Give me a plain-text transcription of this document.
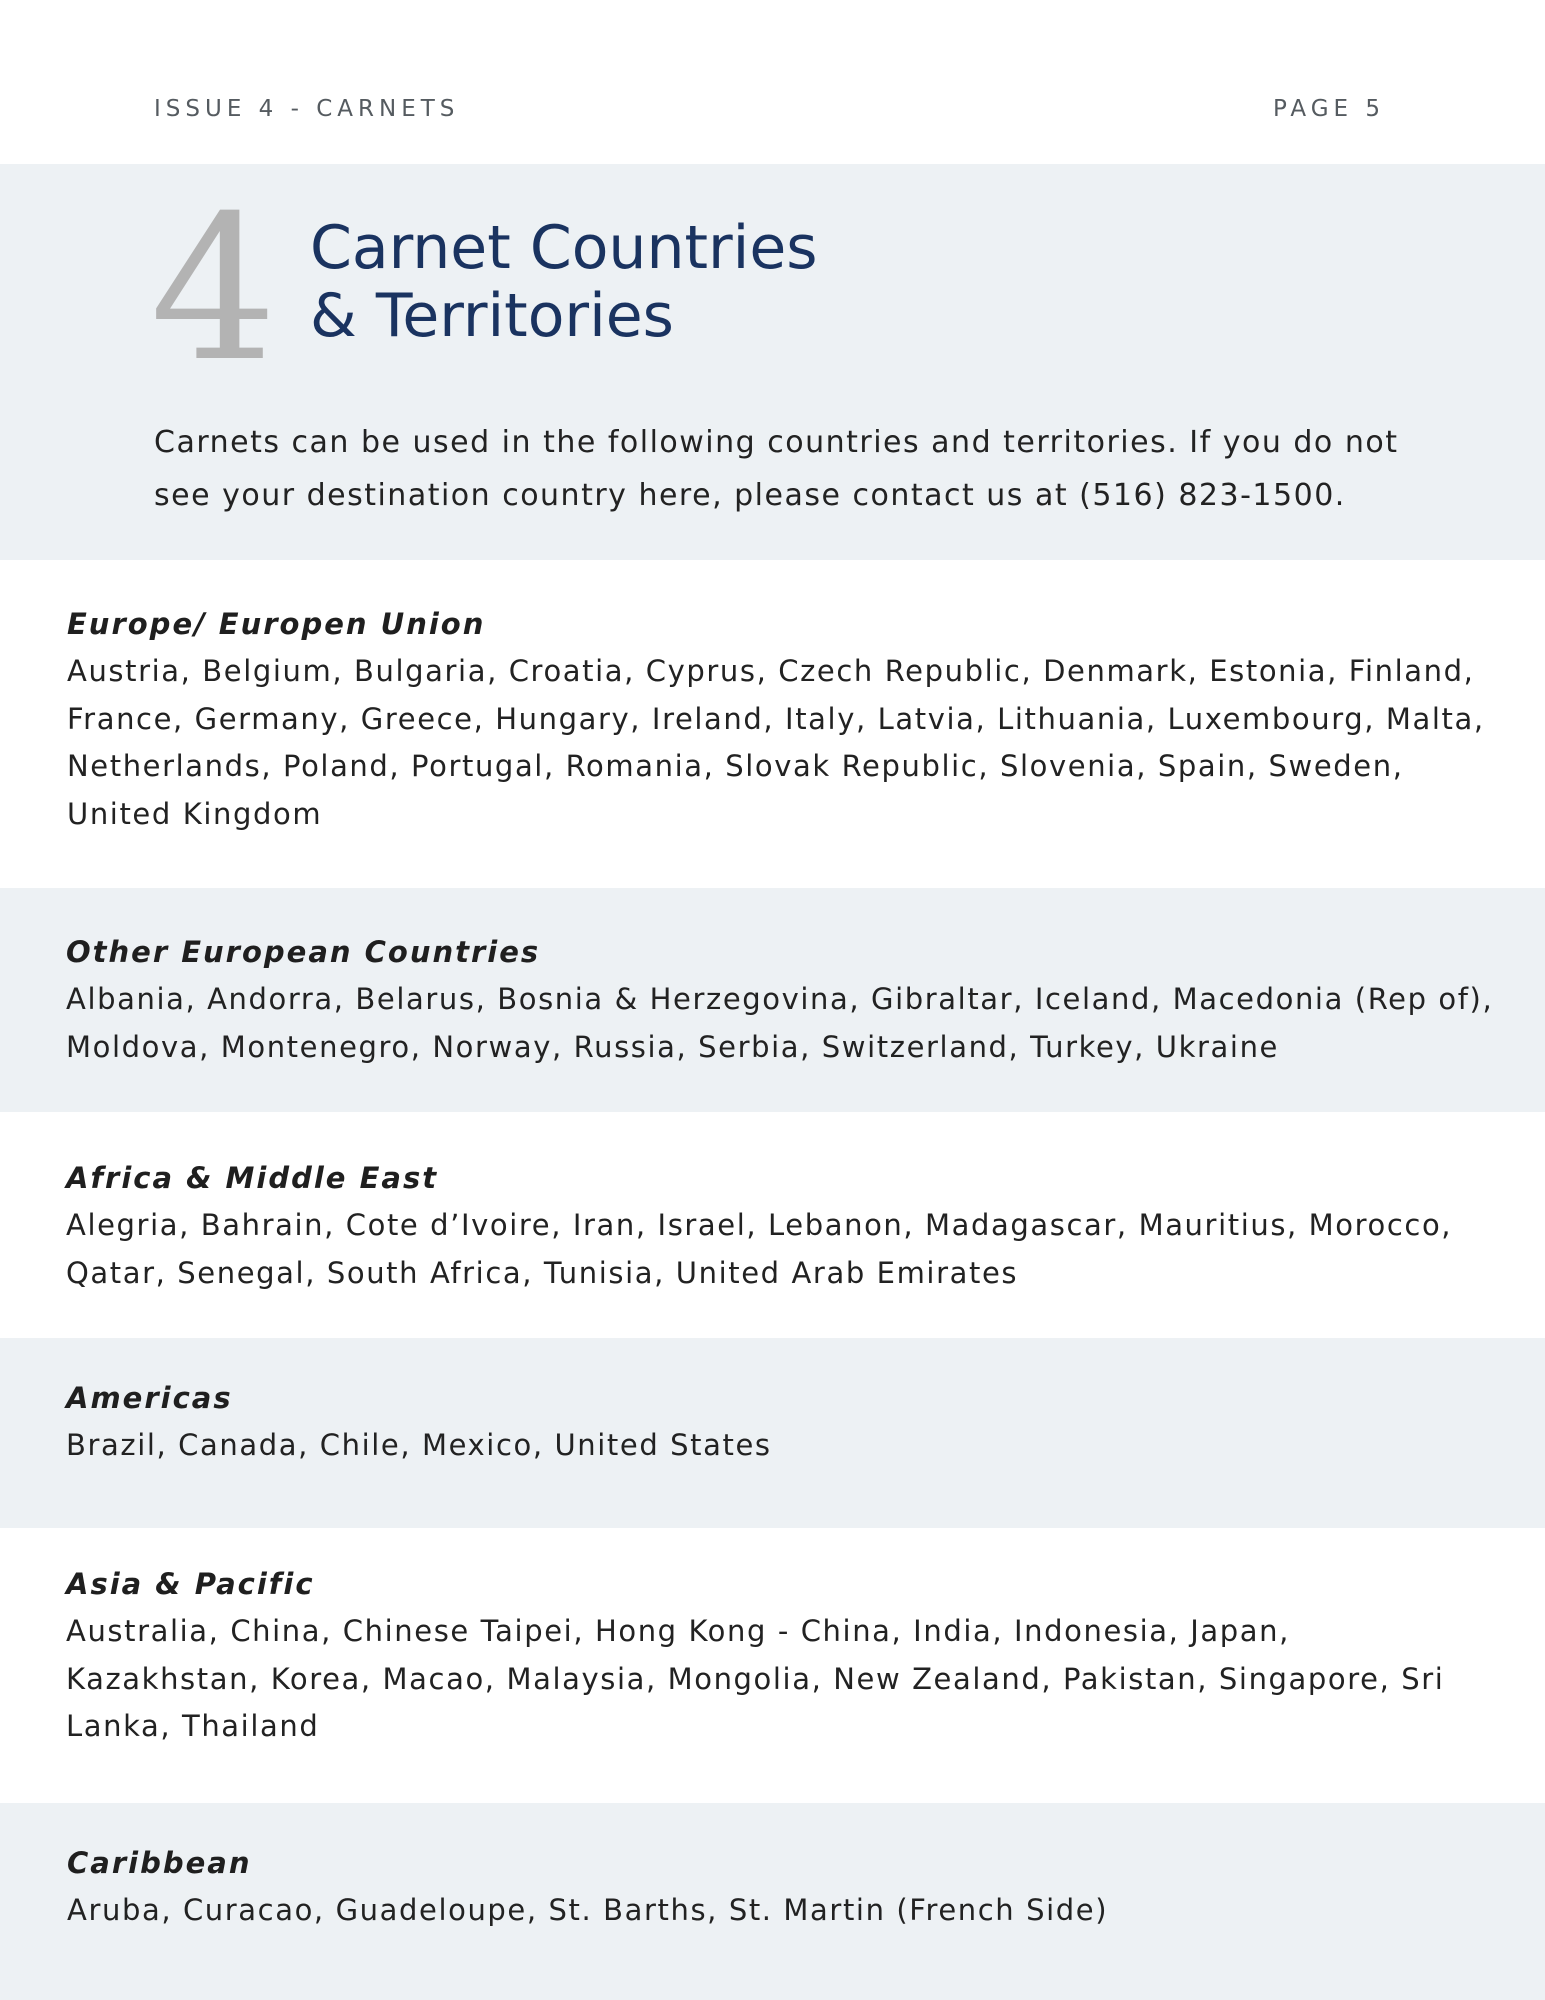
ISSUE 4 - CARNETS	PAGE 5
4 Carnet Countries
& Territories

Carnets can be used in the following countries and territories. If you do not see your destination country here, please contact us at (516) 823-1500.

Europe/ Europen Union

Austria, Belgium, Bulgaria, Croatia, Cyprus, Czech Republic, Denmark, Estonia, Finland, France, Germany, Greece, Hungary, Ireland, Italy, Latvia, Lithuania, Luxembourg, Malta, Netherlands, Poland, Portugal, Romania, Slovak Republic, Slovenia, Spain, Sweden, United Kingdom

Other European Countries

Albania, Andorra, Belarus, Bosnia & Herzegovina, Gibraltar, Iceland, Macedonia (Rep of), Moldova, Montenegro, Norway, Russia, Serbia, Switzerland, Turkey, Ukraine

Africa & Middle East

Alegria, Bahrain, Cote d’Ivoire, Iran, Israel, Lebanon, Madagascar, Mauritius, Morocco, Qatar, Senegal, South Africa, Tunisia, United Arab Emirates

Americas

Brazil, Canada, Chile, Mexico, United States

Asia & Pacific

Australia, China, Chinese Taipei, Hong Kong - China, India, Indonesia, Japan, Kazakhstan, Korea, Macao, Malaysia, Mongolia, New Zealand, Pakistan, Singapore, Sri Lanka, Thailand

Caribbean

Aruba, Curacao, Guadeloupe, St. Barths, St. Martin (French Side)
